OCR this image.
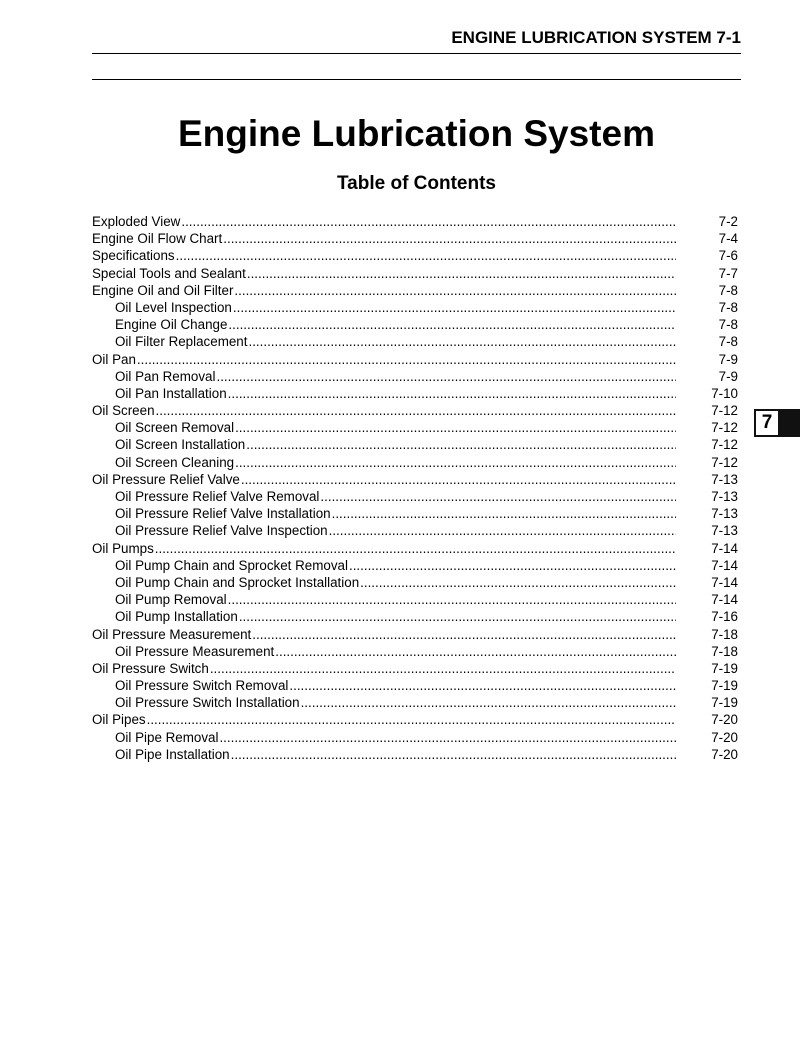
ENGINE LUBRICATION SYSTEM 7-1
Engine Lubrication System
Table of Contents
Exploded View .....	7-2
Engine Oil Flow Chart .....	7-4
Specifications .....	7-6
Special Tools and Sealant .....	7-7
Engine Oil and Oil Filter .....	7-8
Oil Level Inspection .....	7-8
Engine Oil Change .....	7-8
Oil Filter Replacement .....	7-8
Oil Pan .....	7-9
Oil Pan Removal .....	7-9
Oil Pan Installation .....	7-10
Oil Screen .....	7-12
Oil Screen Removal .....	7-12
Oil Screen Installation .....	7-12
Oil Screen Cleaning .....	7-12
Oil Pressure Relief Valve .....	7-13
Oil Pressure Relief Valve Removal .....	7-13
Oil Pressure Relief Valve Installation .....	7-13
Oil Pressure Relief Valve Inspection .....	7-13
Oil Pumps .....	7-14
Oil Pump Chain and Sprocket Removal .....	7-14
Oil Pump Chain and Sprocket Installation .....	7-14
Oil Pump Removal .....	7-14
Oil Pump Installation .....	7-16
Oil Pressure Measurement .....	7-18
Oil Pressure Measurement .....	7-18
Oil Pressure Switch .....	7-19
Oil Pressure Switch Removal .....	7-19
Oil Pressure Switch Installation .....	7-19
Oil Pipes .....	7-20
Oil Pipe Removal .....	7-20
Oil Pipe Installation .....	7-20
7
